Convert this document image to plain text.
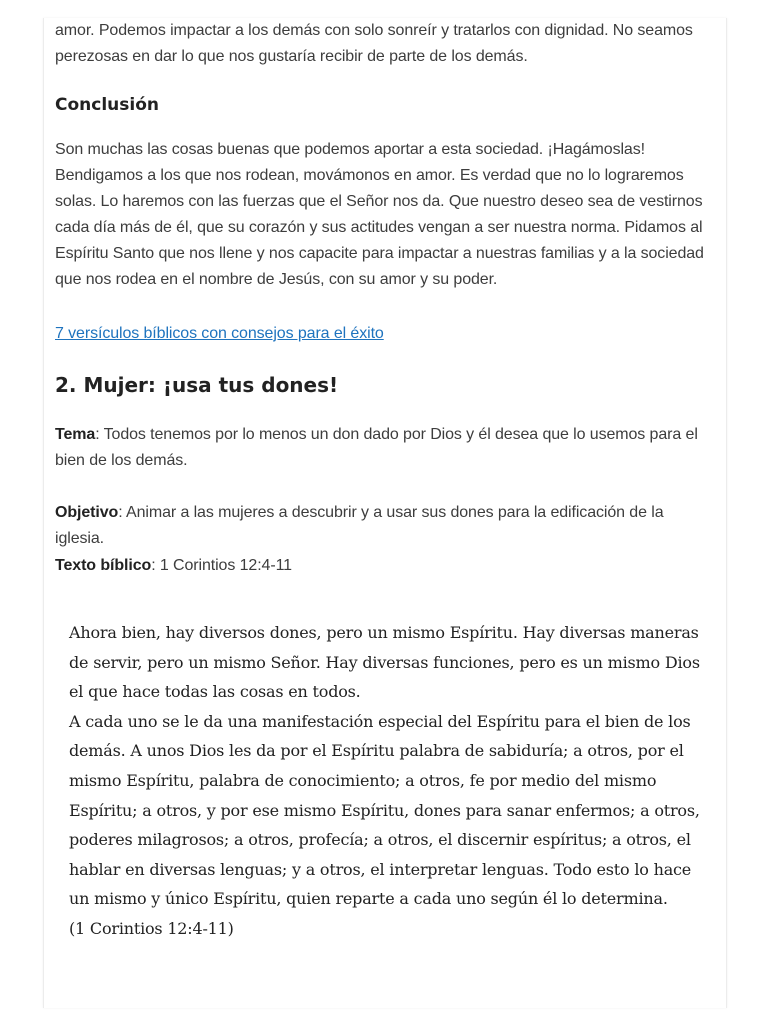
amor. Podemos impactar a los demás con solo sonreír y tratarlos con dignidad. No seamos perezosas en dar lo que nos gustaría recibir de parte de los demás.

Conclusión

Son muchas las cosas buenas que podemos aportar a esta sociedad. ¡Hagámoslas! Bendigamos a los que nos rodean, movámonos en amor. Es verdad que no lo lograremos solas. Lo haremos con las fuerzas que el Señor nos da. Que nuestro deseo sea de vestirnos cada día más de él, que su corazón y sus actitudes vengan a ser nuestra norma. Pidamos al Espíritu Santo que nos llene y nos capacite para impactar a nuestras familias y a la sociedad que nos rodea en el nombre de Jesús, con su amor y su poder.

7 versículos bíblicos con consejos para el éxito
2. Mujer: ¡usa tus dones!

Tema: Todos tenemos por lo menos un don dado por Dios y él desea que lo usemos para el bien de los demás.

Objetivo: Animar a las mujeres a descubrir y a usar sus dones para la edificación de la iglesia.

Texto bíblico: 1 Corintios 12:4-11

Ahora bien, hay diversos dones, pero un mismo Espíritu. Hay diversas maneras de servir, pero un mismo Señor. Hay diversas funciones, pero es un mismo Dios el que hace todas las cosas en todos.

A cada uno se le da una manifestación especial del Espíritu para el bien de los demás. A unos Dios les da por el Espíritu palabra de sabiduría; a otros, por el mismo Espíritu, palabra de conocimiento; a otros, fe por medio del mismo Espíritu; a otros, y por ese mismo Espíritu, dones para sanar enfermos; a otros, poderes milagrosos; a otros, profecía; a otros, el discernir espíritus; a otros, el hablar en diversas lenguas; y a otros, el interpretar lenguas. Todo esto lo hace un mismo y único Espíritu, quien reparte a cada uno según él lo determina.

(1 Corintios 12:4-11)
